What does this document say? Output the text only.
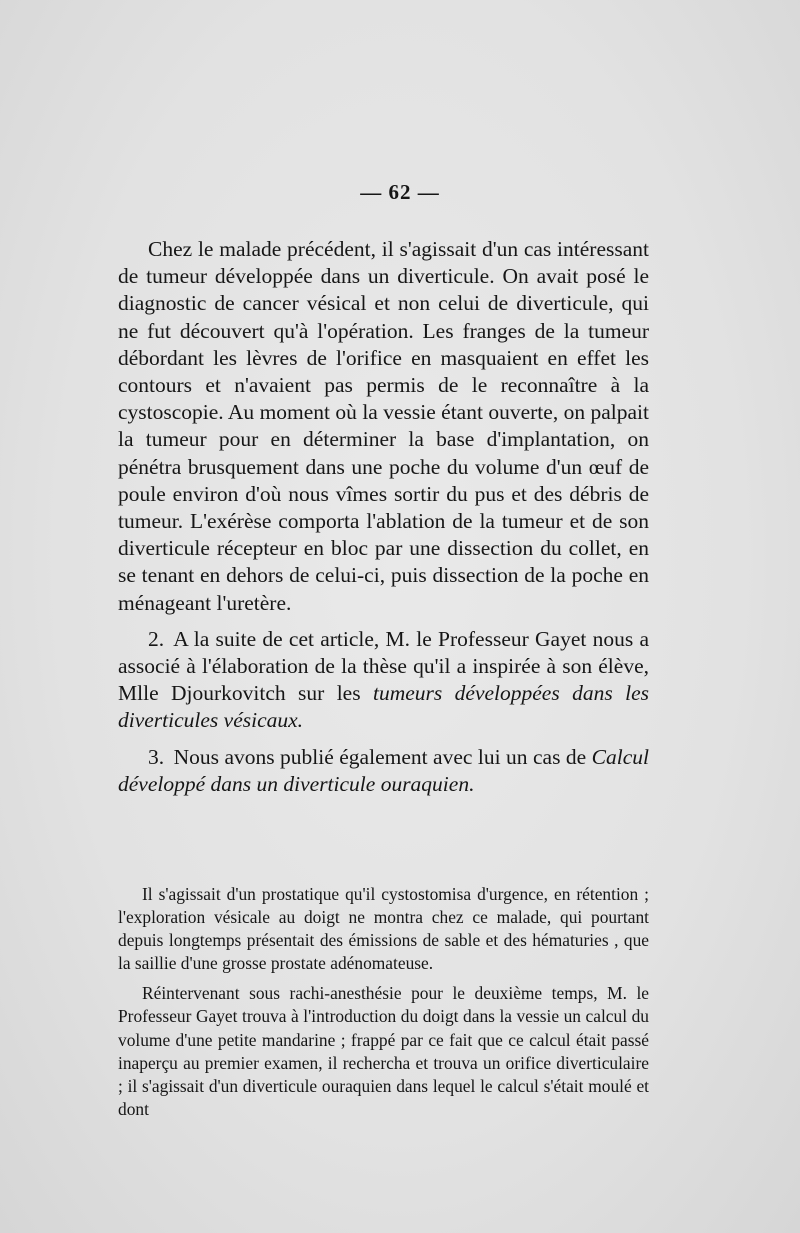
— 62 —

Chez le malade précédent, il s'agissait d'un cas intéressant de tumeur développée dans un diverticule. On avait posé le diagnostic de cancer vésical et non celui de diverticule, qui ne fut découvert qu'à l'opération. Les franges de la tumeur débordant les lèvres de l'orifice en masquaient en effet les contours et n'avaient pas permis de le reconnaître à la cystoscopie. Au moment où la vessie étant ouverte, on palpait la tumeur pour en déterminer la base d'implantation, on pénétra brusquement dans une poche du volume d'un œuf de poule environ d'où nous vîmes sortir du pus et des débris de tumeur. L'exérèse comporta l'ablation de la tumeur et de son diverticule récepteur en bloc par une dissection du collet, en se tenant en dehors de celui-ci, puis dissection de la poche en ménageant l'uretère.

2. A la suite de cet article, M. le Professeur Gayet nous a associé à l'élaboration de la thèse qu'il a inspirée à son élève, Mlle Djourkovitch sur les tumeurs développées dans les diverticules vésicaux.

3. Nous avons publié également avec lui un cas de Calcul développé dans un diverticule ouraquien.

Il s'agissait d'un prostatique qu'il cystostomisa d'urgence, en rétention ; l'exploration vésicale au doigt ne montra chez ce malade, qui pourtant depuis longtemps présentait des émissions de sable et des hématuries , que la saillie d'une grosse prostate adénomateuse.

Réintervenant sous rachi-anesthésie pour le deuxième temps, M. le Professeur Gayet trouva à l'introduction du doigt dans la vessie un calcul du volume d'une petite mandarine ; frappé par ce fait que ce calcul était passé inaperçu au premier examen, il rechercha et trouva un orifice diverticulaire ; il s'agissait d'un diverticule ouraquien dans lequel le calcul s'était moulé et dont
